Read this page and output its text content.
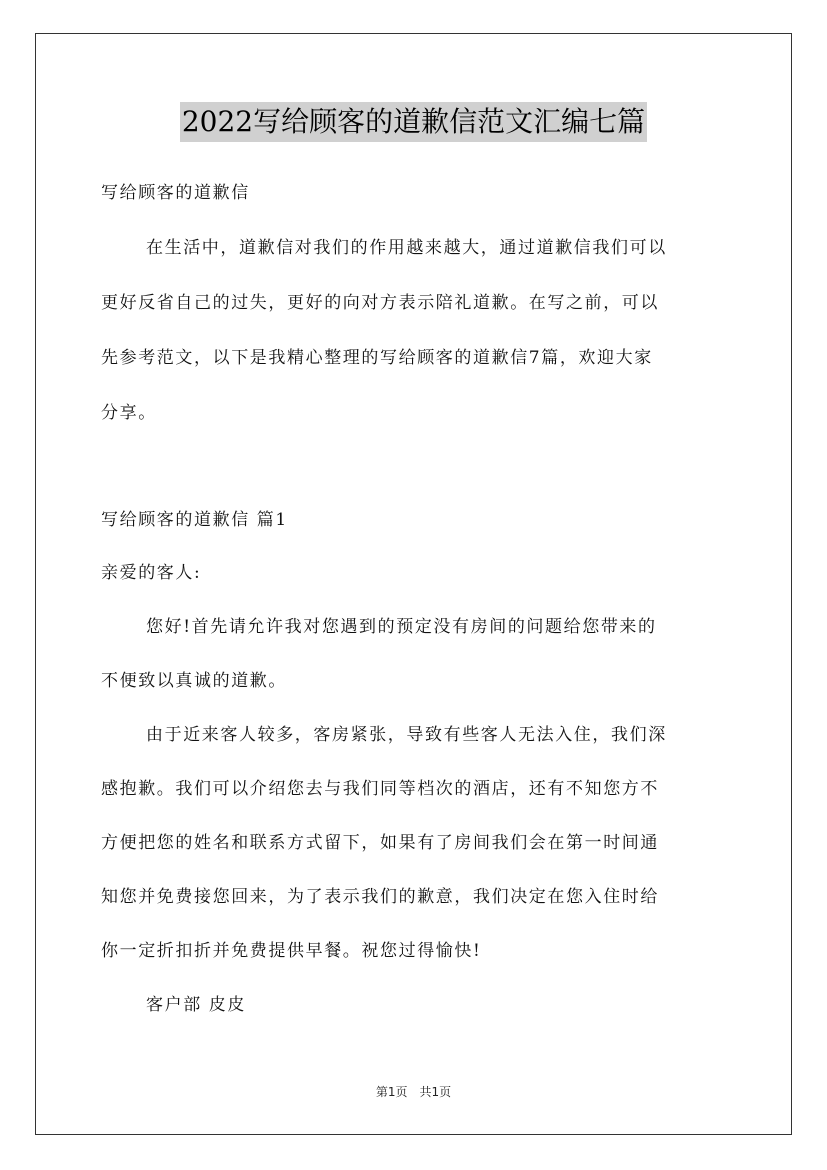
2022写给顾客的道歉信范文汇编七篇
写给顾客的道歉信
在生活中，道歉信对我们的作用越来越大，通过道歉信我们可以
更好反省自己的过失，更好的向对方表示陪礼道歉。在写之前，可以
先参考范文，以下是我精心整理的写给顾客的道歉信7篇，欢迎大家
分享。
写给顾客的道歉信 篇1
亲爱的客人:
您好!首先请允许我对您遇到的预定没有房间的问题给您带来的
不便致以真诚的道歉。
由于近来客人较多，客房紧张，导致有些客人无法入住，我们深
感抱歉。我们可以介绍您去与我们同等档次的酒店，还有不知您方不
方便把您的姓名和联系方式留下，如果有了房间我们会在第一时间通
知您并免费接您回来，为了表示我们的歉意，我们决定在您入住时给
你一定折扣折并免费提供早餐。祝您过得愉快!
客户部 皮皮
第1页 共1页
